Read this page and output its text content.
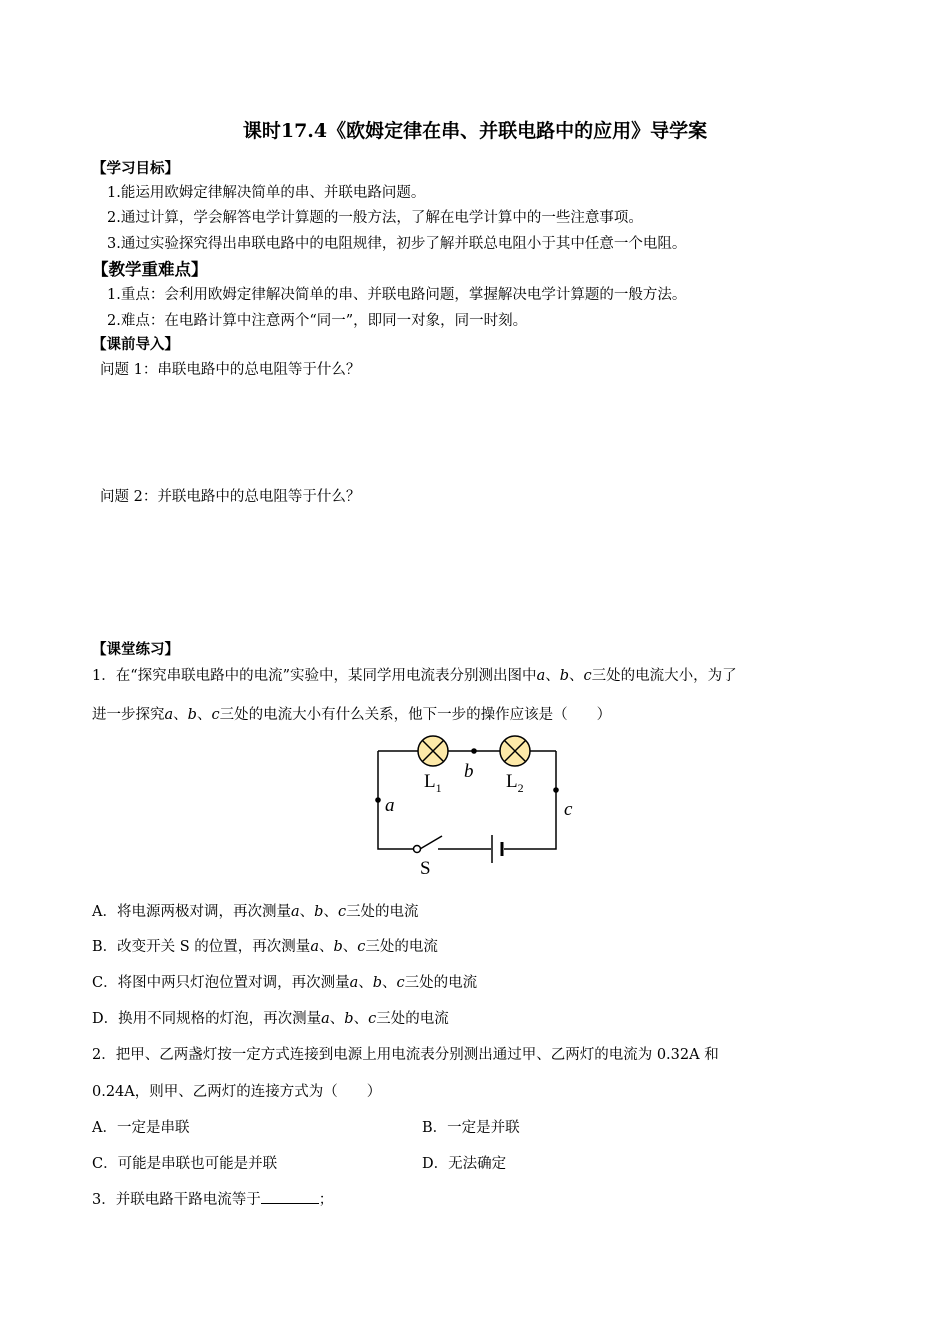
课时17.4《欧姆定律在串、并联电路中的应用》导学案
【学习目标】
1.能运用欧姆定律解决简单的串、并联电路问题。
2.通过计算，学会解答电学计算题的一般方法，了解在电学计算中的一些注意事项。
3.通过实验探究得出串联电路中的电阻规律，初步了解并联总电阻小于其中任意一个电阻。
【教学重难点】
1.重点：会利用欧姆定律解决简单的串、并联电路问题，掌握解决电学计算题的一般方法。
2.难点：在电路计算中注意两个“同一”，即同一对象，同一时刻。
【课前导入】
问题 1：串联电路中的总电阻等于什么？
问题 2：并联电路中的总电阻等于什么？
【课堂练习】
1．在“探究串联电路中的电流”实验中，某同学用电流表分别测出图中a、b、c三处的电流大小，为了
进一步探究a、b、c三处的电流大小有什么关系，他下一步的操作应该是（　　）
$L_1$	$L_2$
b
a	c
S
A．将电源两极对调，再次测量a、b、c三处的电流
B．改变开关 S 的位置，再次测量a、b、c三处的电流
C．将图中两只灯泡位置对调，再次测量a、b、c三处的电流
D．换用不同规格的灯泡，再次测量a、b、c三处的电流
2．把甲、乙两盏灯按一定方式连接到电源上用电流表分别测出通过甲、乙两灯的电流为 0.32A 和
0.24A，则甲、乙两灯的连接方式为（　　）
A．一定是串联	B．一定是并联
C．可能是串联也可能是并联	D．无法确定
3．并联电路干路电流等于	；
